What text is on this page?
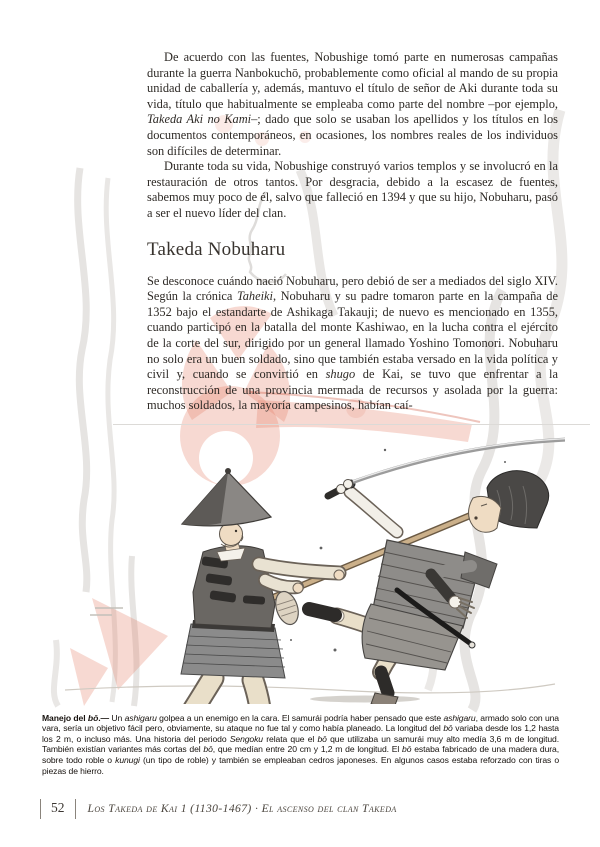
De acuerdo con las fuentes, Nobushige tomó parte en numerosas campañas durante la guerra Nanbokuchō, probablemente como oficial al mando de su propia unidad de caballería y, además, mantuvo el título de señor de Aki durante toda su vida, título que habitualmente se empleaba como parte del nombre –por ejemplo, Takeda Aki no Kami–; dado que solo se usaban los apellidos y los títulos en los documentos contemporáneos, en ocasiones, los nombres reales de los individuos son difíciles de determinar.

Durante toda su vida, Nobushige construyó varios templos y se involucró en la restauración de otros tantos. Por desgracia, debido a la escasez de fuentes, sabemos muy poco de él, salvo que falleció en 1394 y que su hijo, Nobuharu, pasó a ser el nuevo líder del clan.

Takeda Nobuharu

Se desconoce cuándo nació Nobuharu, pero debió de ser a mediados del siglo XIV. Según la crónica Taheiki, Nobuharu y su padre tomaron parte en la campaña de 1352 bajo el estandarte de Ashikaga Takauji; de nuevo es mencionado en 1355, cuando participó en la batalla del monte Kashiwao, en la lucha contra el ejército de la corte del sur, dirigido por un general llamado Yoshino Tomonori. Nobuharu no solo era un buen soldado, sino que también estaba versado en la vida política y civil y, cuando se convirtió en shugo de Kai, se tuvo que enfrentar a la reconstrucción de una provincia mermada de recursos y asolada por la guerra: muchos soldados, la mayoría campesinos, habían caí-

Manejo del bō.— Un ashigaru golpea a un enemigo en la cara. El samurái podría haber pensado que este ashigaru, armado solo con una vara, sería un objetivo fácil pero, obviamente, su ataque no fue tal y como había planeado. La longitud del bō variaba desde los 1,2 hasta los 2 m, o incluso más. Una historia del periodo Sengoku relata que el bō que utilizaba un samurái muy alto medía 3,6 m de longitud. También existían variantes más cortas del bō, que medían entre 20 cm y 1,2 m de longitud. El bō estaba fabricado de una madera dura, sobre todo roble o kunugi (un tipo de roble) y también se empleaban cedros japoneses. En algunos casos estaba reforzado con tiras o piezas de hierro.

52	Los Takeda de Kai 1 (1130-1467) · El ascenso del clan Takeda
